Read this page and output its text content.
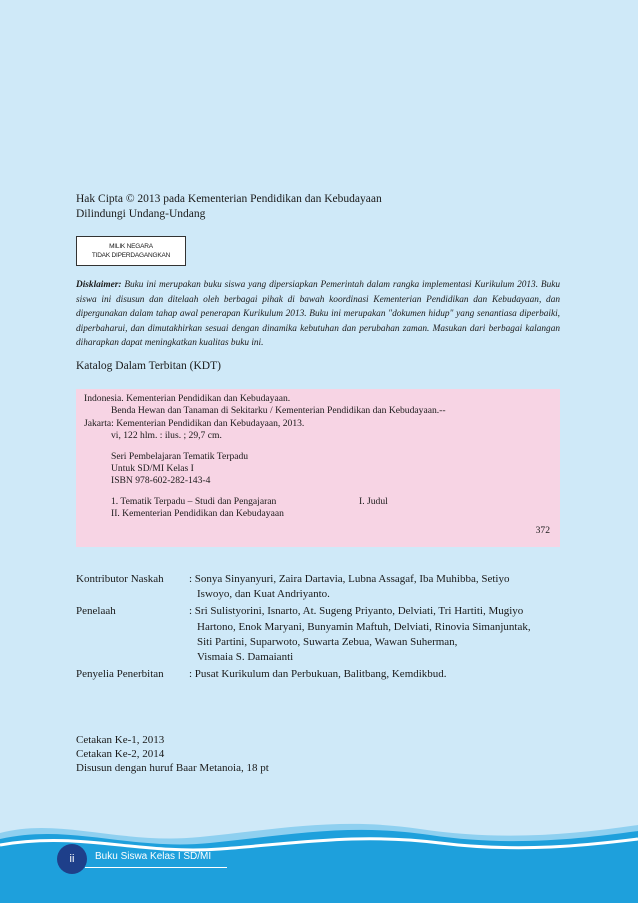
Hak Cipta © 2013 pada Kementerian Pendidikan dan Kebudayaan
Dilindungi Undang-Undang
MILIK NEGARA
TIDAK DIPERDAGANGKAN
Disklaimer: Buku ini merupakan buku siswa yang dipersiapkan Pemerintah dalam rangka implementasi Kurikulum 2013. Buku siswa ini disusun dan ditelaah oleh berbagai pihak di bawah koordinasi Kementerian Pendidikan dan Kebudayaan, dan dipergunakan dalam tahap awal penerapan Kurikulum 2013. Buku ini merupakan "dokumen hidup" yang senantiasa diperbaiki, diperbaharui, dan dimutakhirkan sesuai dengan dinamika kebutuhan dan perubahan zaman. Masukan dari berbagai kalangan diharapkan dapat meningkatkan kualitas buku ini.
Katalog Dalam Terbitan (KDT)
Indonesia. Kementerian Pendidikan dan Kebudayaan.
Benda Hewan dan Tanaman di Sekitarku / Kementerian Pendidikan dan Kebudayaan.--
Jakarta: Kementerian Pendidikan dan Kebudayaan, 2013.
vi, 122 hlm. : ilus. ; 29,7 cm.
Seri Pembelajaran Tematik Terpadu
Untuk SD/MI Kelas I
ISBN 978-602-282-143-4
1. Tematik Terpadu – Studi dan Pengajaran	I. Judul
II. Kementerian Pendidikan dan Kebudayaan
372
Kontributor Naskah	: Sonya Sinyanyuri, Zaira Dartavia, Lubna Assagaf, Iba Muhibba, Setiyo
Iswoyo, dan Kuat Andriyanto.
Penelaah	: Sri Sulistyorini, Isnarto, At. Sugeng Priyanto, Delviati, Tri Hartiti, Mugiyo
Hartono, Enok Maryani, Bunyamin Maftuh, Delviati, Rinovia Simanjuntak,
Siti Partini, Suparwoto, Suwarta Zebua, Wawan Suherman,
Vismaia S. Damaianti
Penyelia Penerbitan	: Pusat Kurikulum dan Perbukuan, Balitbang, Kemdikbud.
Cetakan Ke-1, 2013
Cetakan Ke-2, 2014
Disusun dengan huruf Baar Metanoia, 18 pt
ii	Buku Siswa Kelas I SD/MI
